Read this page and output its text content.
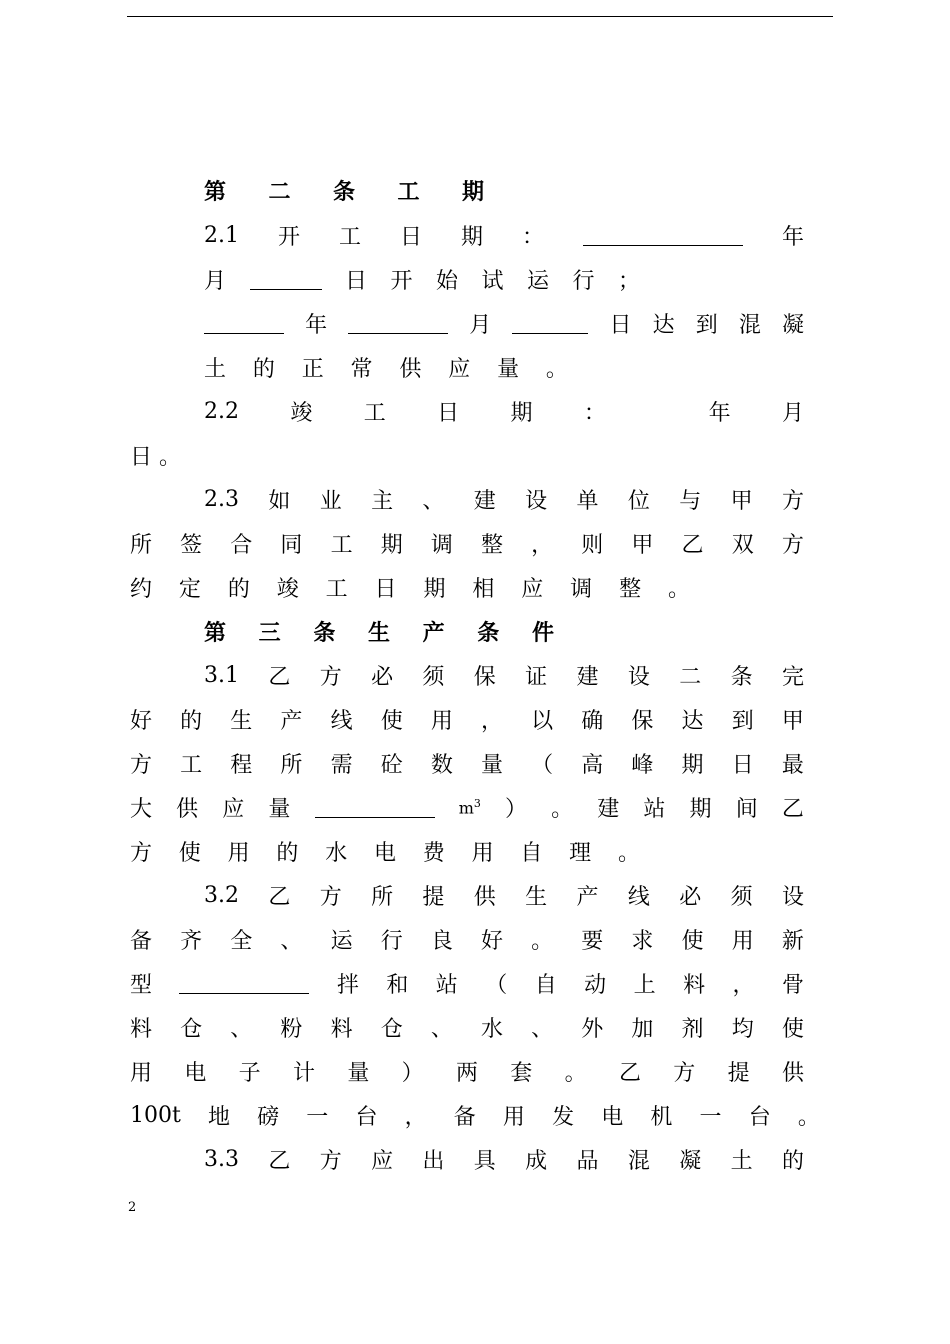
第 二 条 工 期
2.1 开 工 日 期 ：	年
月	日 开 始 试 运 行 ；
年	月	日 达 到 混 凝
土 的 正 常 供 应 量 。
2.2 竣 工 日 期 ：	年 月
日 。
2.3 如 业 主 、 建 设 单 位 与 甲 方
所 签 合 同 工 期 调 整 ， 则 甲 乙 双 方
约 定 的 竣 工 日 期 相 应 调 整 。
第 三 条 生 产 条 件
3.1 乙 方 必 须 保 证 建 设 二 条 完
好 的 生 产 线 使 用 ， 以 确 保 达 到 甲
方 工 程 所 需 砼 数 量 （ 高 峰 期 日 最
大 供 应 量	$m^3$ ） 。 建 站 期 间 乙
方 使 用 的 水 电 费 用 自 理 。
3.2 乙 方 所 提 供 生 产 线 必 须 设
备 齐 全 、 运 行 良 好 。 要 求 使 用 新
型	拌 和 站 （ 自 动 上 料 ， 骨
料 仓 、 粉 料 仓 、 水 、 外 加 剂 均 使
用 电 子 计 量 ） 两 套 。 乙 方 提 供
100t 地 磅 一 台 ， 备 用 发 电 机 一 台 。
3.3 乙 方 应 出 具 成 品 混 凝 土 的
2
